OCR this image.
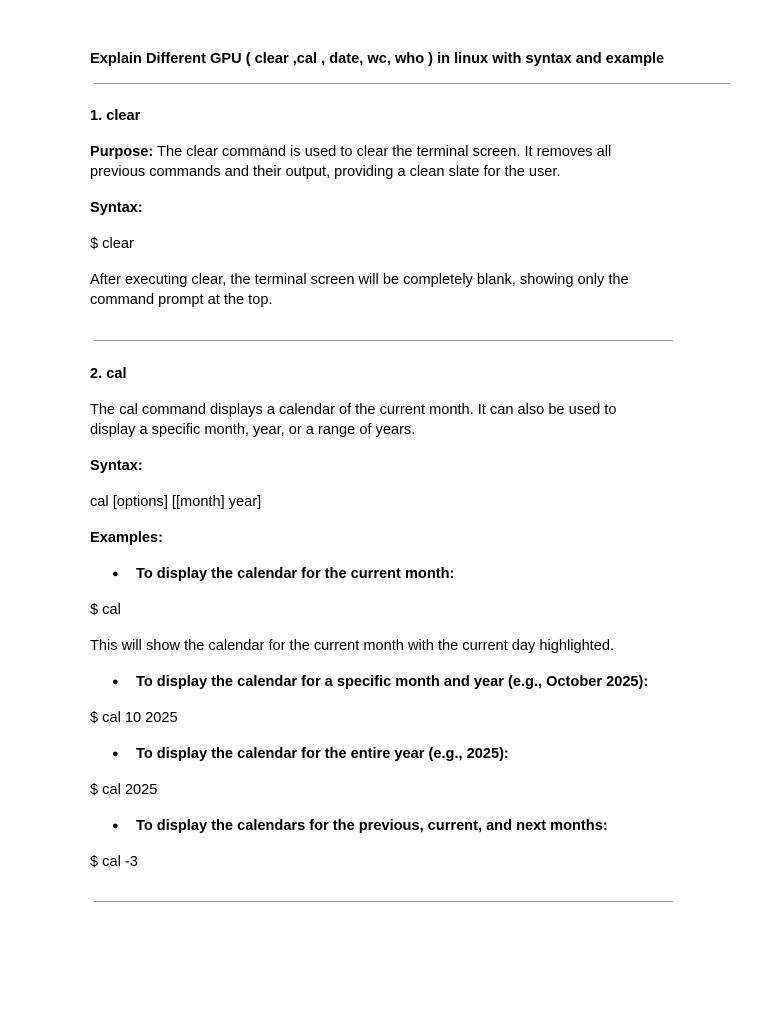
Explain Different GPU ( clear ,cal , date, wc, who ) in linux with syntax and example
1. clear
Purpose: The clear command is used to clear the terminal screen. It removes all
previous commands and their output, providing a clean slate for the user.
Syntax:
$ clear
After executing clear, the terminal screen will be completely blank, showing only the
command prompt at the top.
2. cal
The cal command displays a calendar of the current month. It can also be used to
display a specific month, year, or a range of years.
Syntax:
cal [options] [[month] year]
Examples:
● To display the calendar for the current month:
$ cal
This will show the calendar for the current month with the current day highlighted.
● To display the calendar for a specific month and year (e.g., October 2025):
$ cal 10 2025
● To display the calendar for the entire year (e.g., 2025):
$ cal 2025
● To display the calendars for the previous, current, and next months:
$ cal -3
